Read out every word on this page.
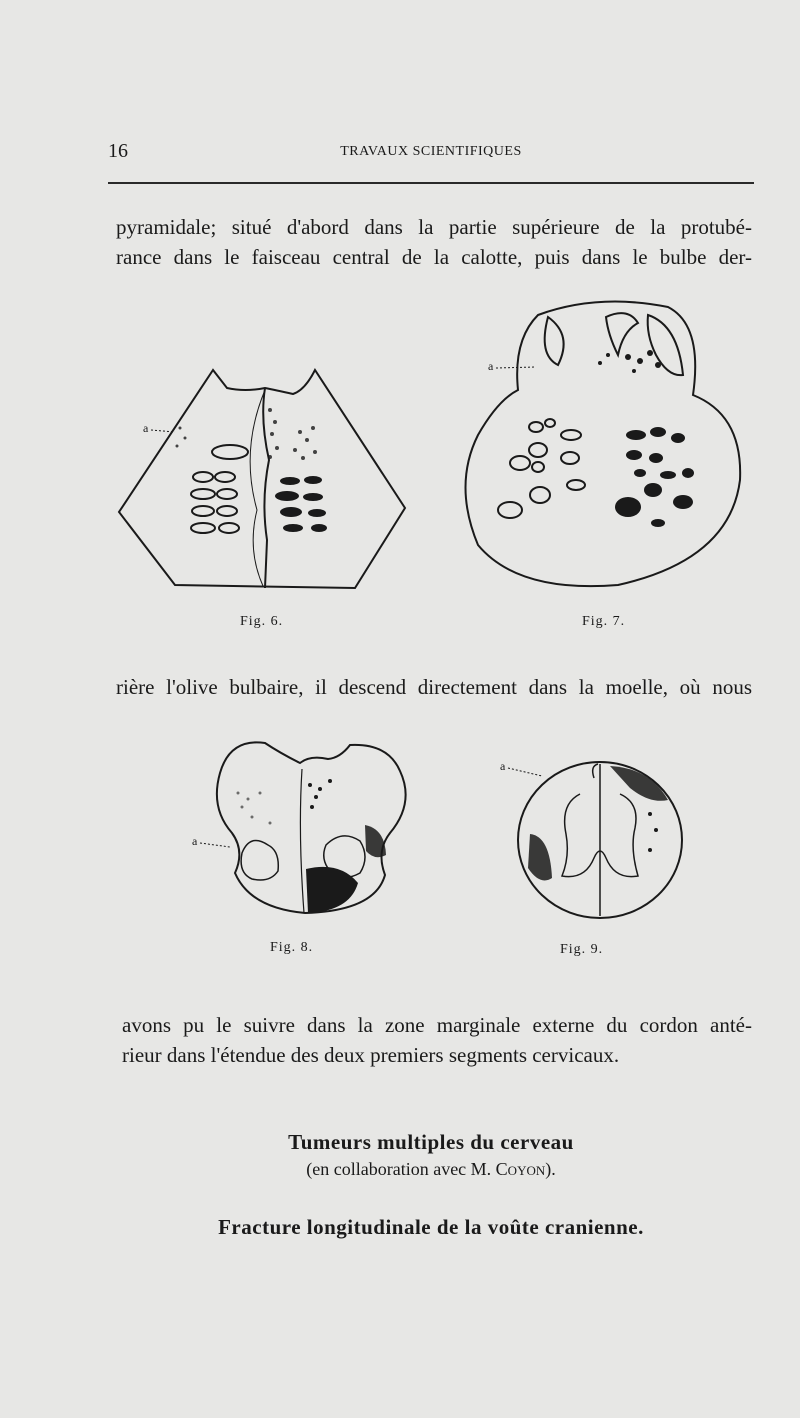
16	TRAVAUX SCIENTIFIQUES
pyramidale; situé d'abord dans la partie supérieure de la protubé-
rance dans le faisceau central de la calotte, puis dans le bulbe der-
a
Fig. 6.
a
Fig. 7.
rière l'olive bulbaire, il descend directement dans la moelle, où nous
a
Fig. 8.
a
Fig. 9.
avons pu le suivre dans la zone marginale externe du cordon anté-
rieur dans l'étendue des deux premiers segments cervicaux.
Tumeurs multiples du cerveau
(en collaboration avec M. Coyon).
Fracture longitudinale de la voûte cranienne.
